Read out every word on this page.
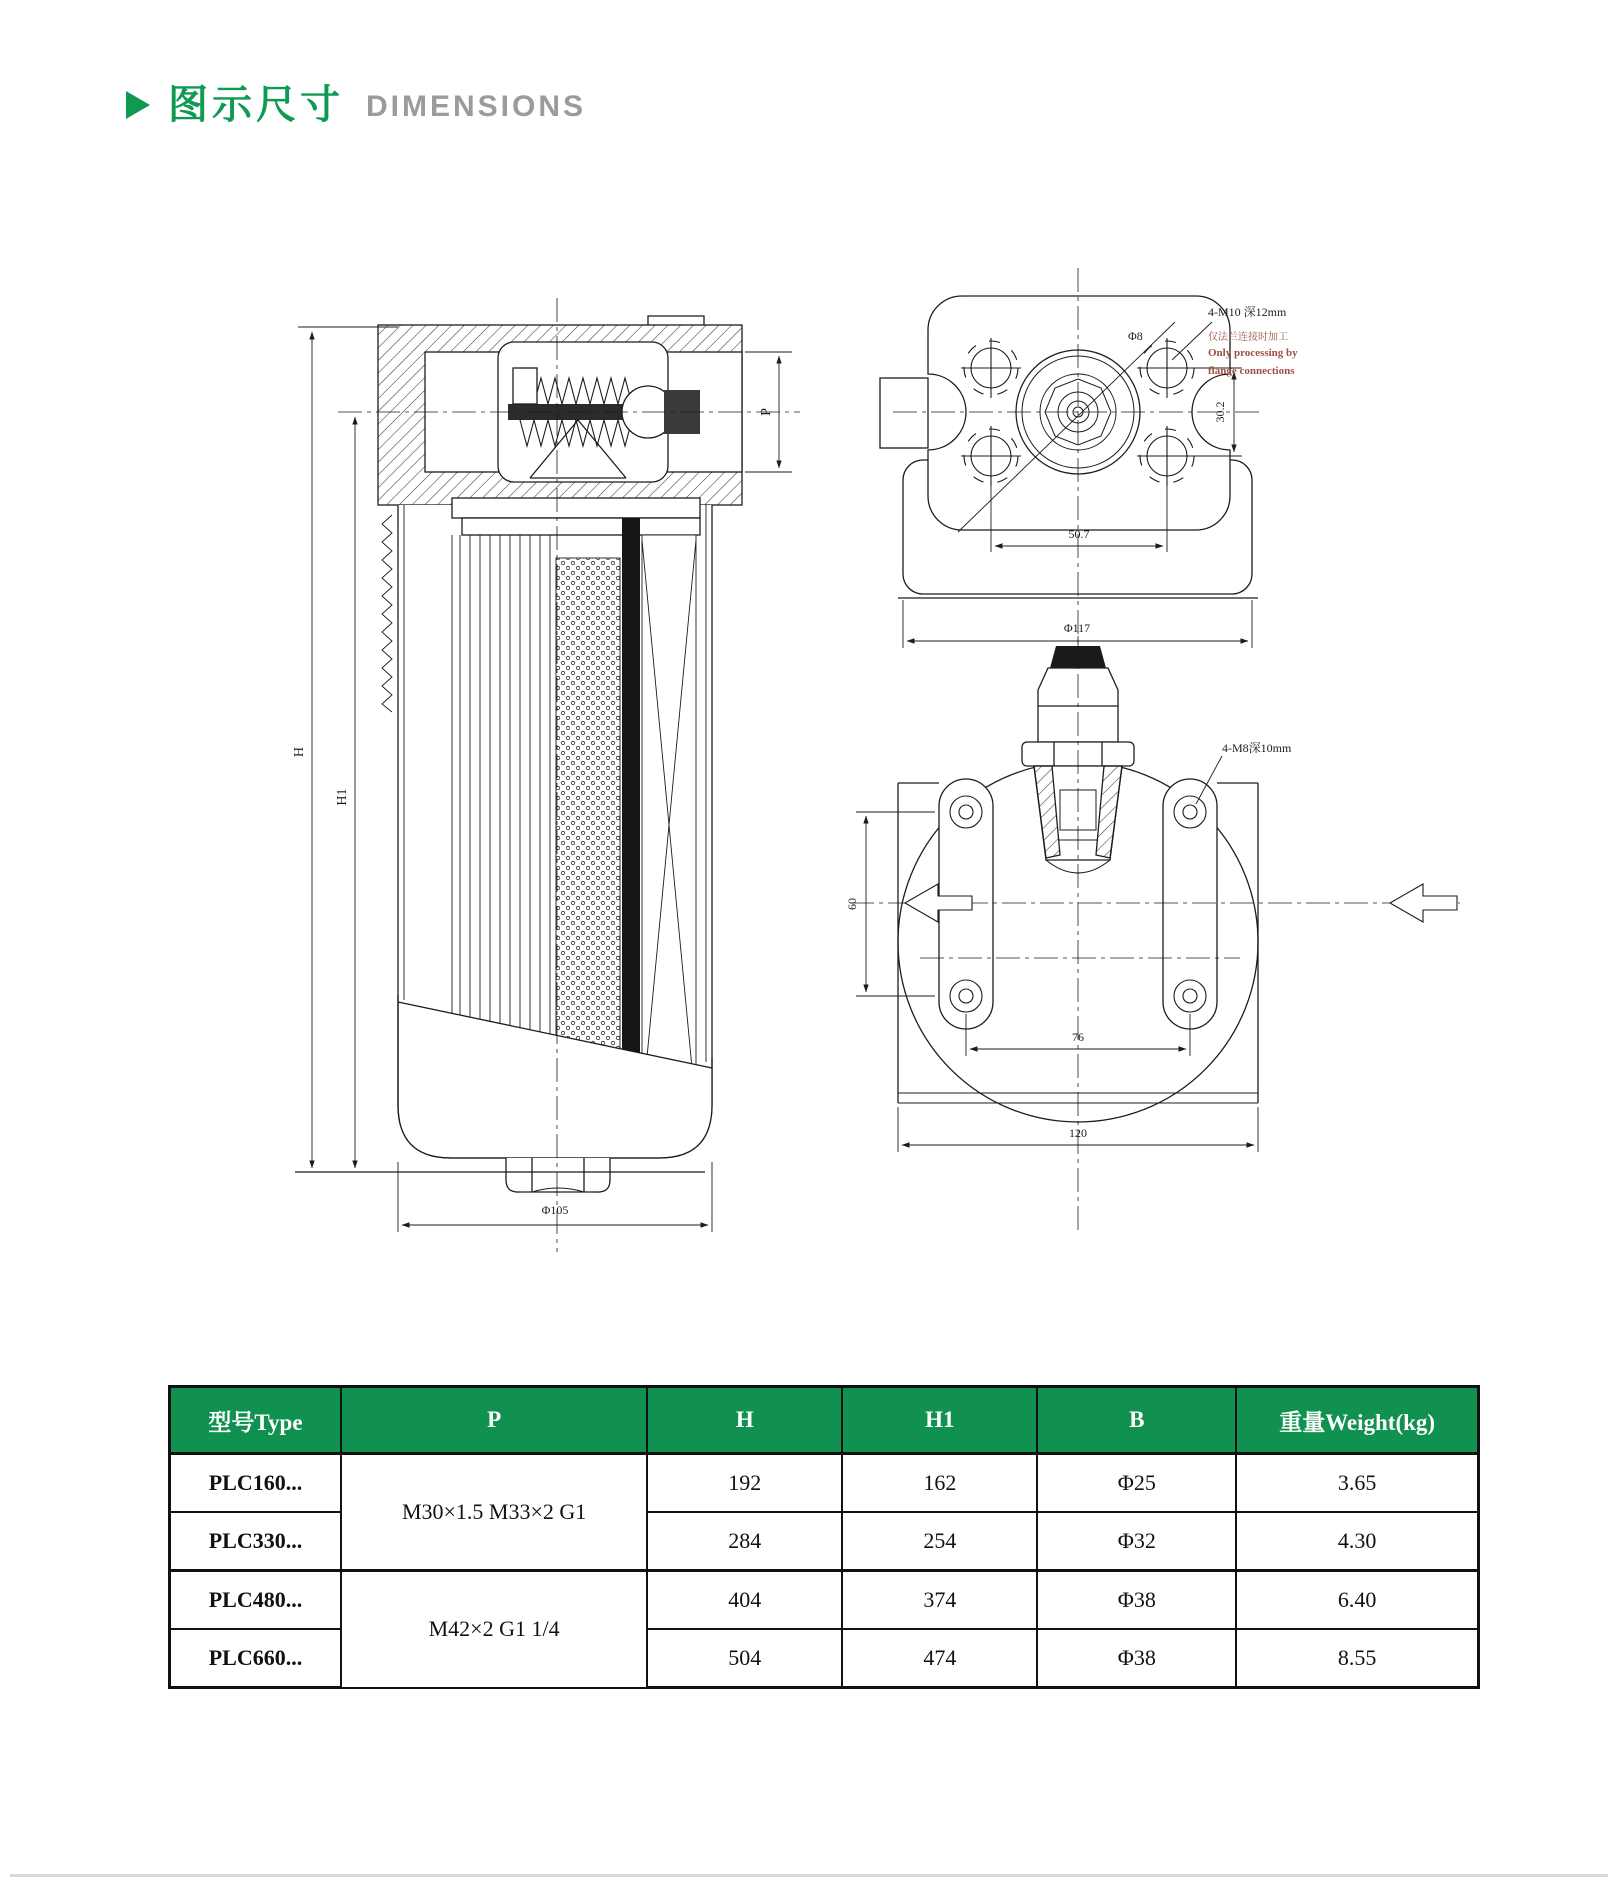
图示尺寸 DIMENSIONS
H
H1
P
Φ105
4-M10 深12mm
仅法兰连接时加工
Only processing by
flange connections
Φ8
30.2
50.7
Φ117
4-M8深10mm
60
76
120
型号Type	P	H	H1	B	重量Weight(kg)
PLC160...	M30×1.5 M33×2 G1	192	162	Φ25	3.65
PLC330...		284	254	Φ32	4.30
PLC480...	M42×2 G1 1/4	404	374	Φ38	6.40
PLC660...		504	474	Φ38	8.55
